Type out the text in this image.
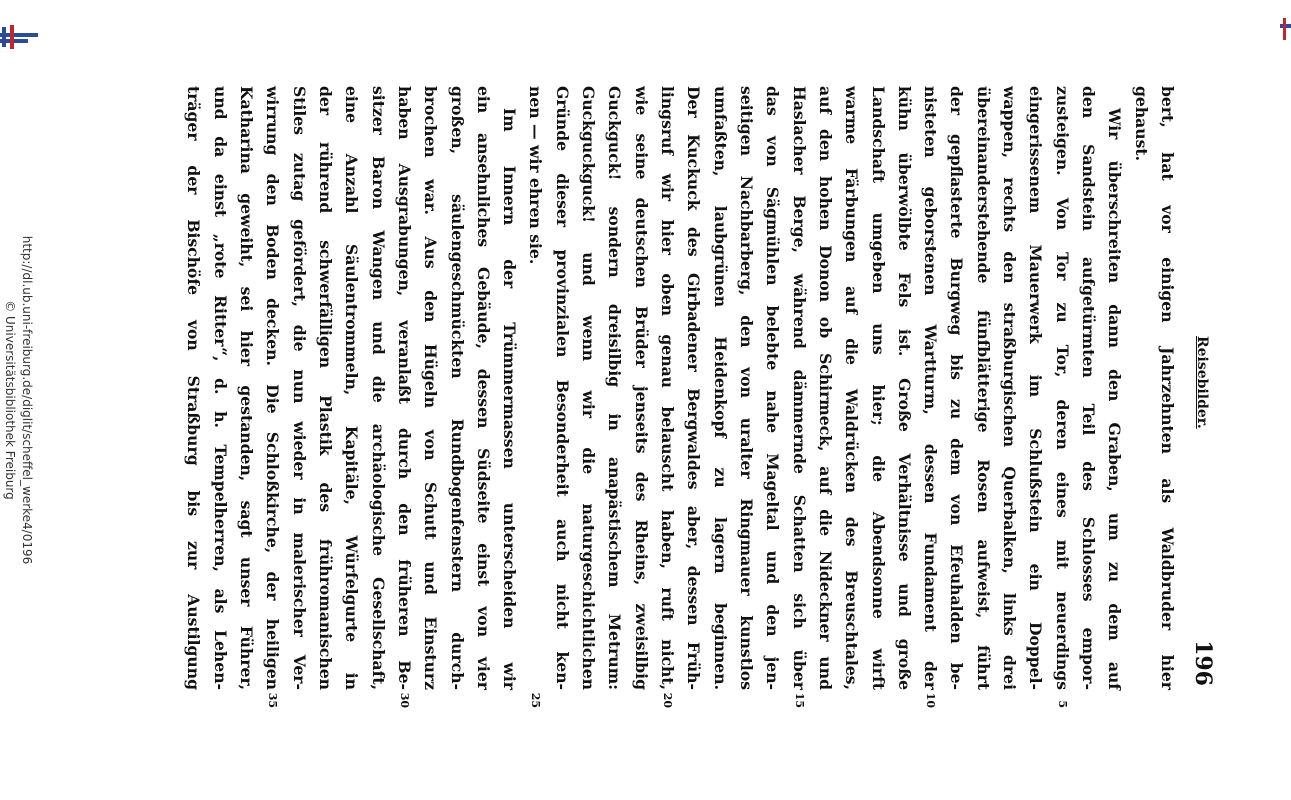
http://dl.ub.uni-freiburg.de/diglit/scheffel_werke4/0196
© Universitätsbibliothek Freiburg	Reisebilder.
196
bert, hat vor einigen Jahrzehnten als Waldbruder hier
gehaust.
Wir überschreiten dann den Graben, um zu dem auf
den Sandstein aufgetürmten Teil des Schlosses empor-
zusteigen. Von Tor zu Tor, deren eines mit neuerdings
5
eingerissenem Mauerwerk im Schlußstein ein Doppel-
wappen, rechts den straßburgischen Querbalken, links drei
übereinanderstehende fünfblätterige Rosen aufweist, führt
der gepflasterte Burgweg bis zu dem von Efeuhalden be-
nisteten geborstenen Wartturm, dessen Fundament der
10
kühn überwölbte Fels ist. Große Verhältnisse und große
Landschaft umgeben uns hier; die Abendsonne wirft
warme Färbungen auf die Waldrücken des Breuschtales,
auf den hohen Donon ob Schirmeck, auf die Nideckner und
Haslacher Berge, während dämmernde Schatten sich über
15
das von Sägmühlen belebte nahe Mageltal und den jen-
seitigen Nachbarberg, den von uralter Ringmauer kunstlos
umfaßten, laubgrünen Heidenkopf zu lagern beginnen.
Der Kuckuck des Girbadener Bergwaldes aber, dessen Früh-
lingsruf wir hier oben genau belauscht haben, ruft nicht,
20
wie seine deutschen Brüder jenseits des Rheins, zweisilbig
Guckguck! sondern dreisilbig in anapästischem Metrum:
Guckguckguck! und wenn wir die naturgeschichtlichen
Gründe dieser provinzialen Besonderheit auch nicht ken-
nen — wir ehren sie.
25
Im Innern der Trümmermassen unterscheiden wir
ein ansehnliches Gebäude, dessen Südseite einst von vier
großen, säulengeschmückten Rundbogenfenstern durch-
brochen war. Aus den Hügeln von Schutt und Einsturz
haben Ausgrabungen, veranlaßt durch den früheren Be-
30
sitzer Baron Wangen und die archäologische Gesellschaft,
eine Anzahl Säulentrommeln, Kapitäle, Würfelgurte in
der rührend schwerfälligen Plastik des frühromanischen
Stiles zutag gefördert, die nun wieder in malerischer Ver-
wirrung den Boden decken. Die Schloßkirche, der heiligen
35
Katharina geweiht, sei hier gestanden, sagt unser Führer,
und da einst „rote Ritter“, d. h. Tempelherren, als Lehen-
träger der Bischöfe von Straßburg bis zur Austilgung
